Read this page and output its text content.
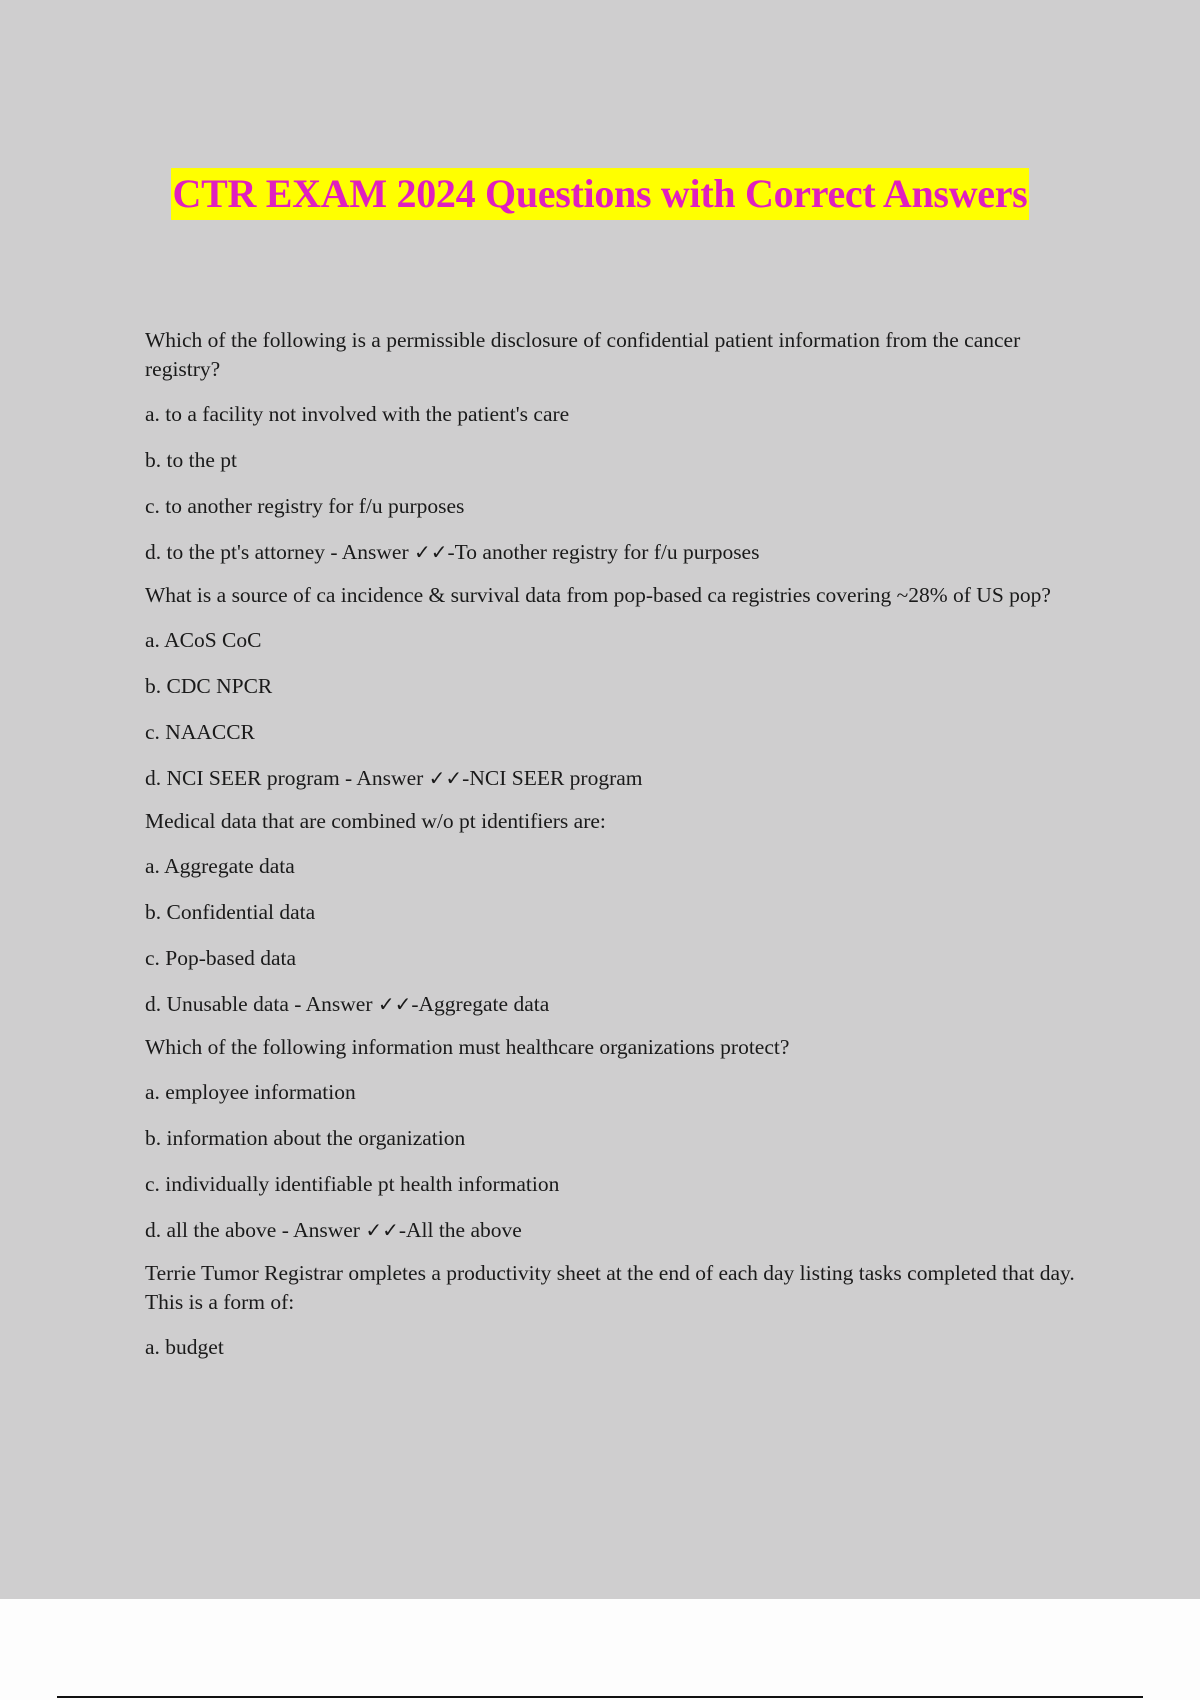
CTR EXAM 2024 Questions with Correct Answers

Which of the following is a permissible disclosure of confidential patient information from the cancer registry?

a. to a facility not involved with the patient's care

b. to the pt

c. to another registry for f/u purposes

d. to the pt's attorney - Answer ✓✓-To another registry for f/u purposes

What is a source of ca incidence & survival data from pop-based ca registries covering ~28% of US pop?

a. ACoS CoC

b. CDC NPCR

c. NAACCR

d. NCI SEER program - Answer ✓✓-NCI SEER program

Medical data that are combined w/o pt identifiers are:

a. Aggregate data

b. Confidential data

c. Pop-based data

d. Unusable data - Answer ✓✓-Aggregate data

Which of the following information must healthcare organizations protect?

a. employee information

b. information about the organization

c. individually identifiable pt health information

d. all the above - Answer ✓✓-All the above

Terrie Tumor Registrar ompletes a productivity sheet at the end of each day listing tasks completed that day. This is a form of:

a. budget
